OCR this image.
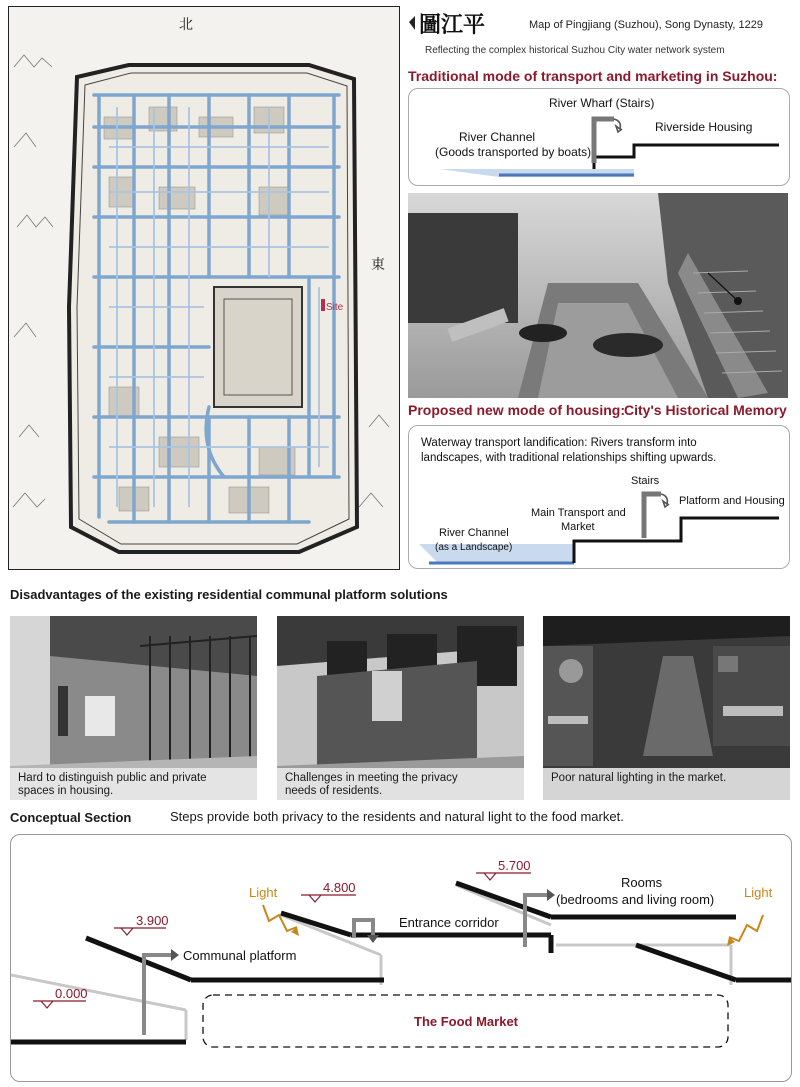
北
東
Site
圖江平	Map of Pingjiang (Suzhou), Song Dynasty, 1229
Reflecting the complex historical Suzhou City water network system
Traditional mode of transport and marketing in Suzhou:
River Wharf (Stairs)
Riverside Housing
River Channel
(Goods transported by boats)
Proposed new mode of housing: City's Historical Memory
Waterway transport landification: Rivers transform into
landscapes, with traditional relationships shifting upwards.
Stairs
Platform and Housing
Main Transport and
Market
River Channel
(as a Landscape)
Disadvantages of the existing residential communal platform solutions
Hard to distinguish public and private
spaces in housing.
Challenges in meeting the privacy
needs of residents.
Poor natural lighting in the market.
Conceptual Section	Steps provide both privacy to the residents and natural light to the food market.
0.000
3.900
4.800
5.700
Light	Light
Communal platform
Entrance corridor
Rooms
(bedrooms and living room)
The Food Market
